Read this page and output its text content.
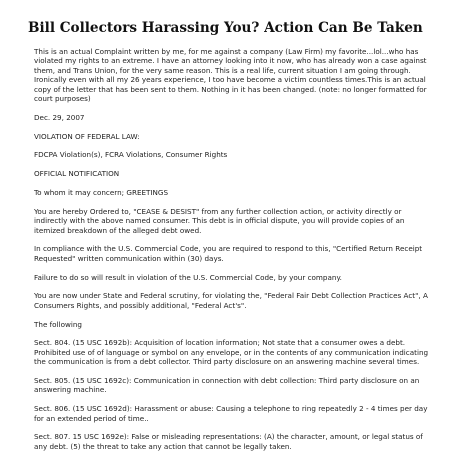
Bill Collectors Harassing You? Action Can Be Taken

This is an actual Complaint written by me, for me against a company (Law Firm) my favorite...lol...who has violated my rights to an extreme. I have an attorney looking into it now, who has already won a case against them, and Trans Union, for the very same reason. This is a real life, current situation I am going through. Ironically even with all my 26 years experience, I too have become a victim countless times.This is an actual copy of the letter that has been sent to them. Nothing in it has been changed. (note: no longer formatted for court purposes)

Dec. 29, 2007

VIOLATION OF FEDERAL LAW:

FDCPA Violation(s), FCRA Violations, Consumer Rights

OFFICIAL NOTIFICATION

To whom it may concern; GREETINGS

You are hereby Ordered to, "CEASE & DESIST" from any further collection action, or activity directly or indirectly with the above named consumer. This debt is in official dispute, you will provide copies of an itemized breakdown of the alleged debt owed.

In compliance with the U.S. Commercial Code, you are required to respond to this, "Certified Return Receipt Requested" written communication within (30) days.

Failure to do so will result in violation of the U.S. Commercial Code, by your company.

You are now under State and Federal scrutiny, for violating the, "Federal Fair Debt Collection Practices Act", A Consumers Rights, and possibly additional, "Federal Act's".

The following

Sect. 804. (15 USC 1692b): Acquisition of location information; Not state that a consumer owes a debt. Prohibited use of of language or symbol on any envelope, or in the contents of any communication indicating the communication is from a debt collector. Third party disclosure on an answering machine several times.

Sect. 805. (15 USC 1692c): Communication in connection with debt collection: Third party disclosure on an answering machine.

Sect. 806. (15 USC 1692d): Harassment or abuse: Causing a telephone to ring repeatedly 2 - 4 times per day for an extended period of time..

Sect. 807. 15 USC 1692e): False or misleading representations: (A) the character, amount, or legal status of any debt. (5) the threat to take any action that cannot be legally taken.
